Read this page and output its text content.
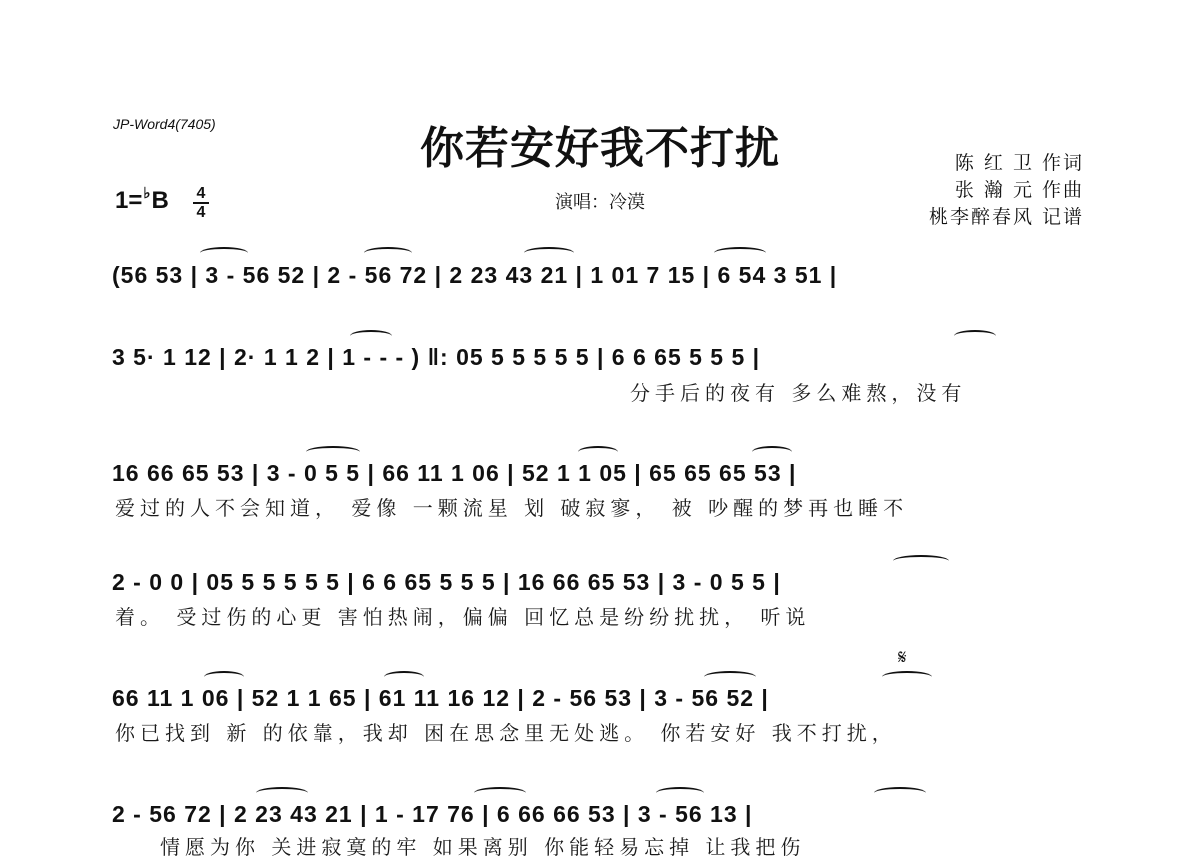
JP-Word4(7405)	你若安好我不打扰
演唱：冷漠
陈 红 卫 作词
张 瀚 元 作曲
桃李醉春风 记谱
1=♭B 4
4
(56 53 | 3 - 56 52 | 2 - 56 72 | 2 23 43 21 | 1 01 7 15 | 6 54 3 51 |
3 5· 1 12 | 2· 1 1 2 | 1 - - - ) ‖: 05 5 5 5 5 5 | 6 6 65 5 5 5 |
分手后的夜有 多么难熬，没有
16 66 65 53 | 3 - 0 5 5 | 66 11 1 06 | 52 1 1 05 | 65 65 65 53 |
爱过的人不会知道， 爱像 一颗流星 划 破寂寥， 被 吵醒的梦再也睡不
2 - 0 0 | 05 5 5 5 5 5 | 6 6 65 5 5 5 | 16 66 65 53 | 3 - 0 5 5 |
着。 受过伤的心更 害怕热闹，偏偏 回忆总是纷纷扰扰， 听说
𝄋
66 11 1 06 | 52 1 1 65 | 61 11 16 12 | 2 - 56 53 | 3 - 56 52 |
你已找到 新 的依靠，我却 困在思念里无处逃。 你若安好 我不打扰，
2 - 56 72 | 2 23 43 21 | 1 - 17 76 | 6 66 66 53 | 3 - 56 13 |
情愿为你 关进寂寞的牢 如果离别 你能轻易忘掉 让我把伤
